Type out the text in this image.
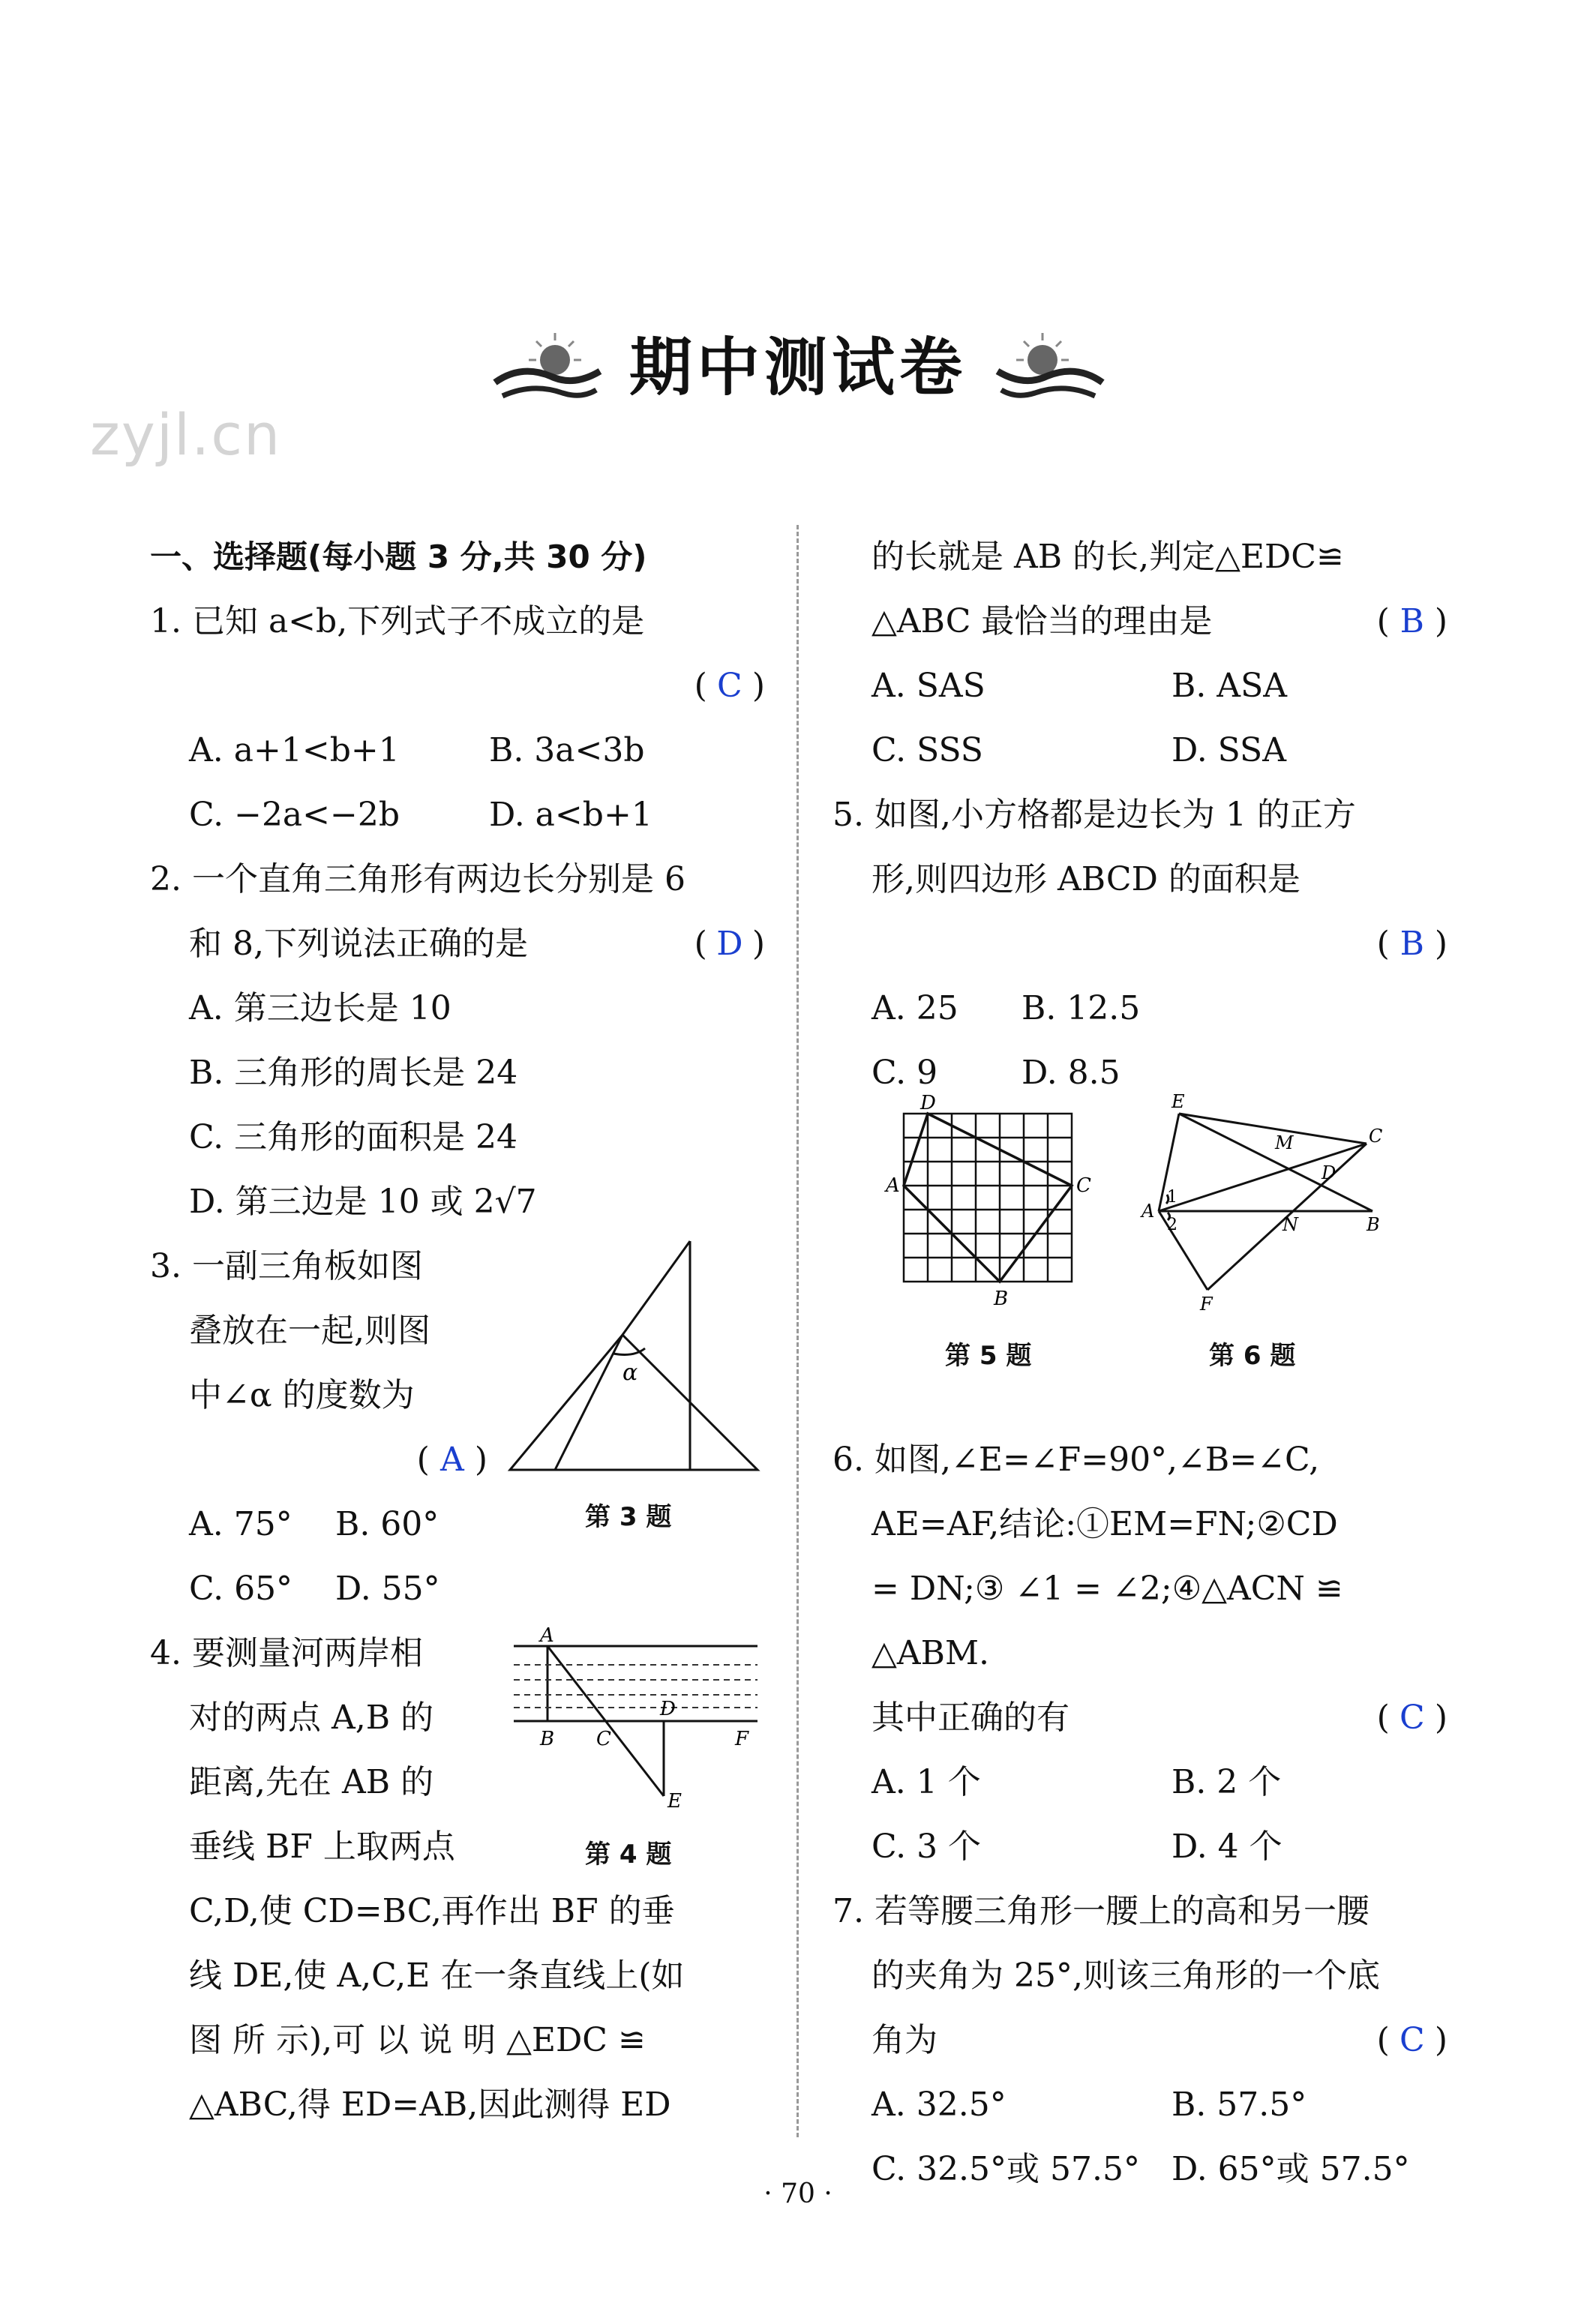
zyjl.cn
期中测试卷
一、选择题(每小题 3 分,共 30 分)
1. 已知 a<b,下列式子不成立的是

( C )
A. a+1<b+1	B. 3a<3b
C. −2a<−2b	D. a<b+1
2. 一个直角三角形有两边长分别是 6
和 8,下列说法正确的是	( D )
A. 第三边长是 10
B. 三角形的周长是 24
C. 三角形的面积是 24
D. 第三边是 10 或 2√7
3. 一副三角板如图
叠放在一起,则图
中∠α 的度数为

( A )
A. 75°	B. 60°
C. 65°	D. 55°
4. 要测量河两岸相
对的两点 A,B 的
距离,先在 AB 的
垂线 BF 上取两点
C,D,使 CD=BC,再作出 BF 的垂
线 DE,使 A,C,E 在一条直线上(如
图 所 示),可 以 说 明 △EDC ≌
△ABC,得 ED=AB,因此测得 ED
α
第 3 题
A
B C
D
E
F
第 4 题
的长就是 AB 的长,判定△EDC≌
△ABC 最恰当的理由是	( B )
A. SAS	B. ASA
C. SSS	D. SSA
5. 如图,小方格都是边长为 1 的正方
形,则四边形 ABCD 的面积是

( B )
A. 25	B. 12.5
C. 9	D. 8.5
6. 如图,∠E=∠F=90°,∠B=∠C,
AE=AF,结论:①EM=FN;②CD
= DN;③ ∠1 = ∠2;④△ACN ≌
△ABM.
其中正确的有	( C )
A. 1 个	B. 2 个
C. 3 个	D. 4 个
7. 若等腰三角形一腰上的高和另一腰
的夹角为 25°,则该三角形的一个底
角为	( C )
A. 32.5°	B. 57.5°
C. 32.5°或 57.5° D. 65°或 57.5°
D
A	C
B
第 5 题
E
M	C
D
A
N	B
F
1
2
第 6 题
· 70 ·
